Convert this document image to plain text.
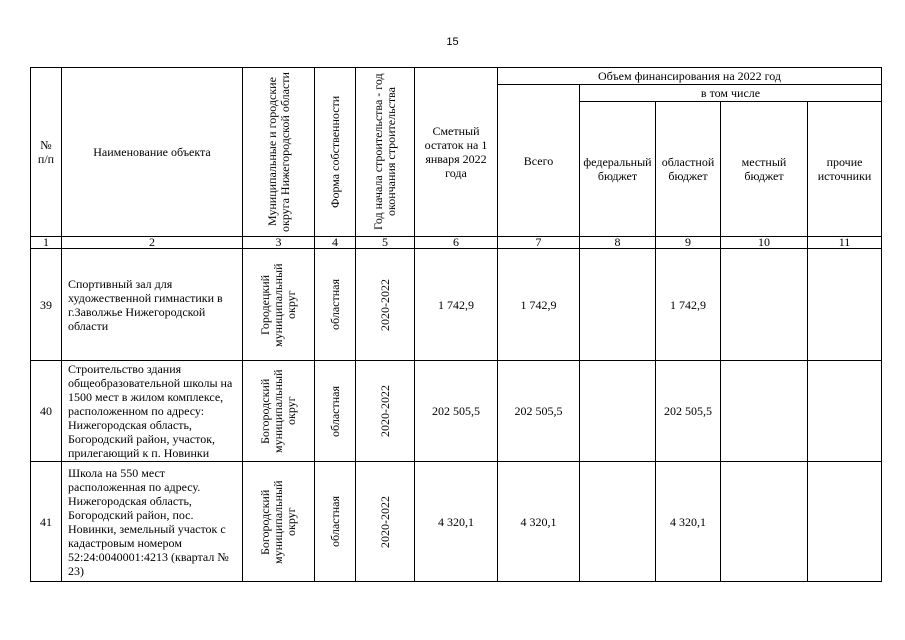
15
№ п/п	Наименование объекта	Муниципальные и городские округа Нижегородской области	Форма собственности	Год начала строительства - год окончания строительства	Сметный остаток на 1 января 2022 года	Объем финансирования на 2022 год				
						Всего	в том числе			
							федеральный бюджет	областной бюджет	местный бюджет	прочие источники
1	2	3	4	5	6	7	8	9	10	11
39	Спортивный зал для художественной гимнастики в г.Заволжье Нижегородской области	Городецкий муниципальный округ	областная	2020-2022	1 742,9	1 742,9		1 742,9		
40	Строительство здания общеобразовательной школы на 1500 мест в жилом комплексе, расположенном по адресу: Нижегородская область, Богородский район, участок, прилегающий к п. Новинки	Богородский муниципальный округ	областная	2020-2022	202 505,5	202 505,5		202 505,5		
41	Школа на 550 мест расположенная по адресу. Нижегородская область, Богородский район, пос. Новинки, земельный участок с кадастровым номером 52:24:0040001:4213 (квартал № 23)	Богородский муниципальный округ	областная	2020-2022	4 320,1	4 320,1		4 320,1		
